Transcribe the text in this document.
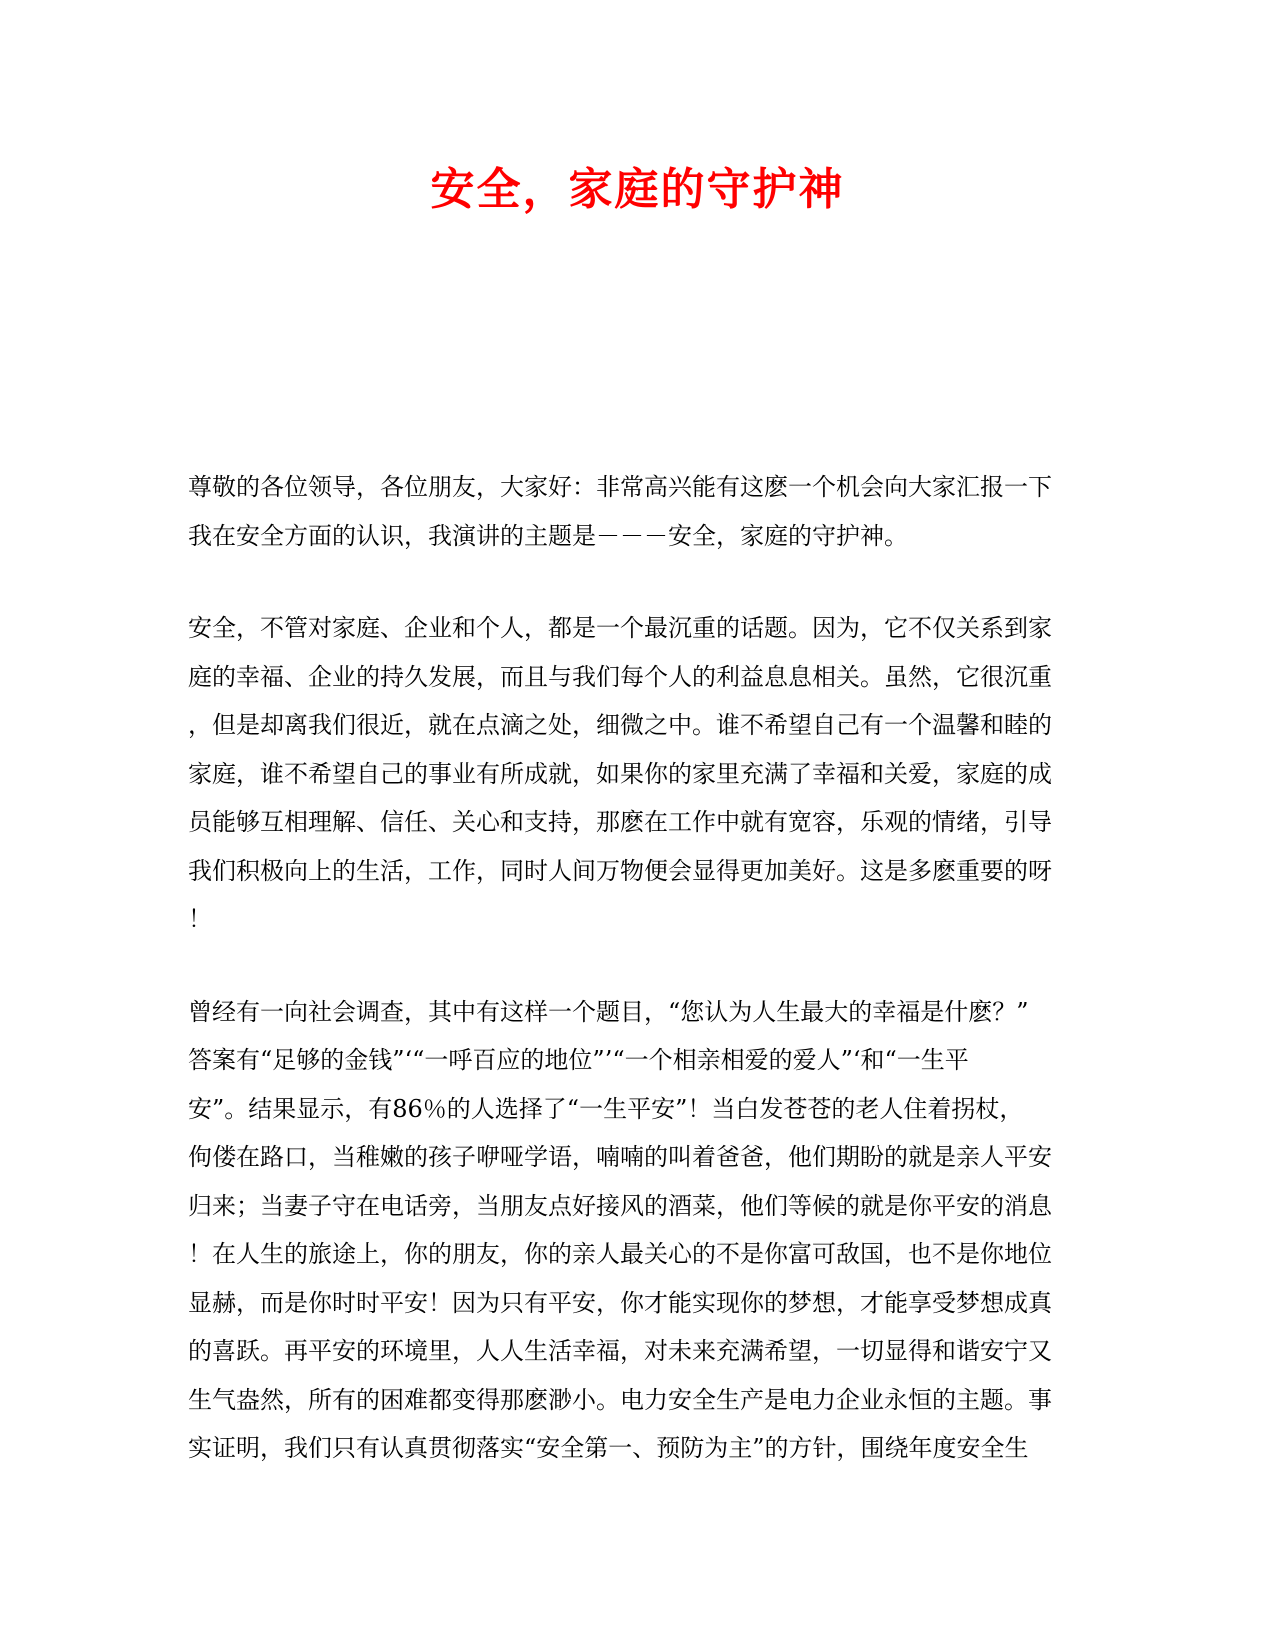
安全，家庭的守护神
尊敬的各位领导，各位朋友，大家好：非常高兴能有这麽一个机会向大家汇报一下
我在安全方面的认识，我演讲的主题是－－－安全，家庭的守护神。
安全，不管对家庭、企业和个人，都是一个最沉重的话题。因为，它不仅关系到家
庭的幸福、企业的持久发展，而且与我们每个人的利益息息相关。虽然，它很沉重
，但是却离我们很近，就在点滴之处，细微之中。谁不希望自己有一个温馨和睦的
家庭，谁不希望自己的事业有所成就，如果你的家里充满了幸福和关爱，家庭的成
员能够互相理解、信任、关心和支持，那麽在工作中就有宽容，乐观的情绪，引导
我们积极向上的生活，工作，同时人间万物便会显得更加美好。这是多麽重要的呀
！
曾经有一向社会调查，其中有这样一个题目，“您认为人生最大的幸福是什麽？”
答案有“足够的金钱”‘“一呼百应的地位”’“一个相亲相爱的爱人”‘和“一生平
安”。结果显示，有86％的人选择了“一生平安”！当白发苍苍的老人住着拐杖，
佝偻在路口，当稚嫩的孩子咿哑学语，喃喃的叫着爸爸，他们期盼的就是亲人平安
归来；当妻子守在电话旁，当朋友点好接风的酒菜，他们等候的就是你平安的消息
！在人生的旅途上，你的朋友，你的亲人最关心的不是你富可敌国，也不是你地位
显赫，而是你时时平安！因为只有平安，你才能实现你的梦想，才能享受梦想成真
的喜跃。再平安的环境里，人人生活幸福，对未来充满希望，一切显得和谐安宁又
生气盎然，所有的困难都变得那麽渺小。电力安全生产是电力企业永恒的主题。事
实证明，我们只有认真贯彻落实“安全第一、预防为主”的方针，围绕年度安全生
